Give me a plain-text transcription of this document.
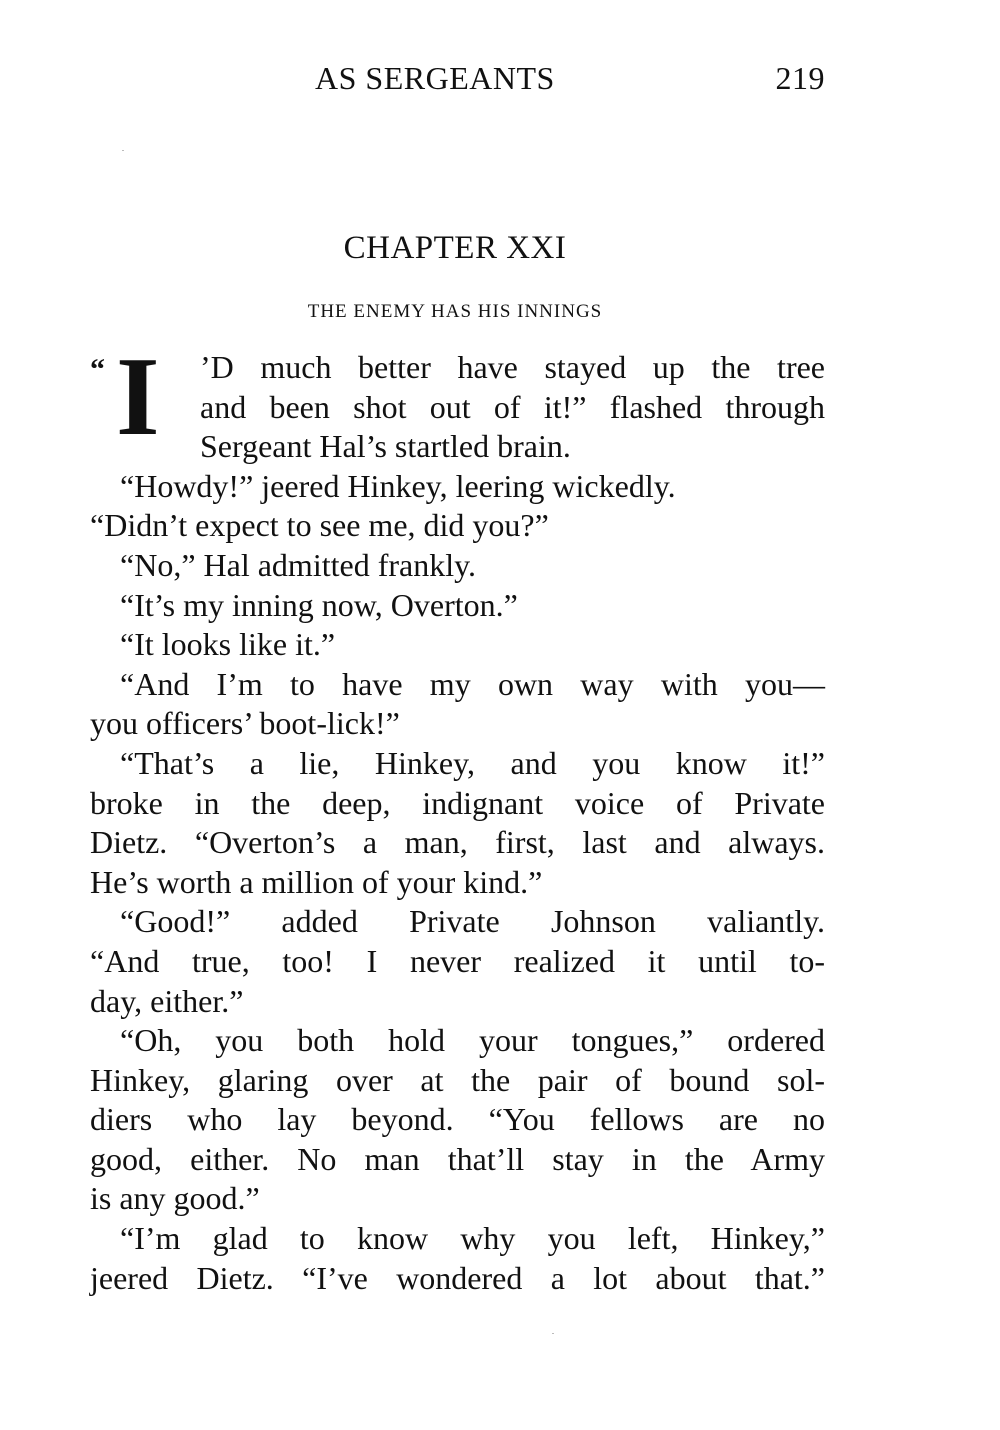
AS SERGEANTS	219
CHAPTER XXI
THE ENEMY HAS HIS INNINGS
“ I ’D much better have stayed up the tree
and been shot out of it!” flashed through
Sergeant Hal’s startled brain.
“Howdy!” jeered Hinkey, leering wickedly.
“Didn’t expect to see me, did you?”
“No,” Hal admitted frankly.
“It’s my inning now, Overton.”
“It looks like it.”
“And I’m to have my own way with you—
you officers’ boot-lick!”
“That’s a lie, Hinkey, and you know it!”
broke in the deep, indignant voice of Private
Dietz. “Overton’s a man, first, last and always.
He’s worth a million of your kind.”
“Good!” added Private Johnson valiantly.
“And true, too! I never realized it until to-
day, either.”
“Oh, you both hold your tongues,” ordered
Hinkey, glaring over at the pair of bound sol-
diers who lay beyond. “You fellows are no
good, either. No man that’ll stay in the Army
is any good.”
“I’m glad to know why you left, Hinkey,”
jeered Dietz. “I’ve wondered a lot about that.”
